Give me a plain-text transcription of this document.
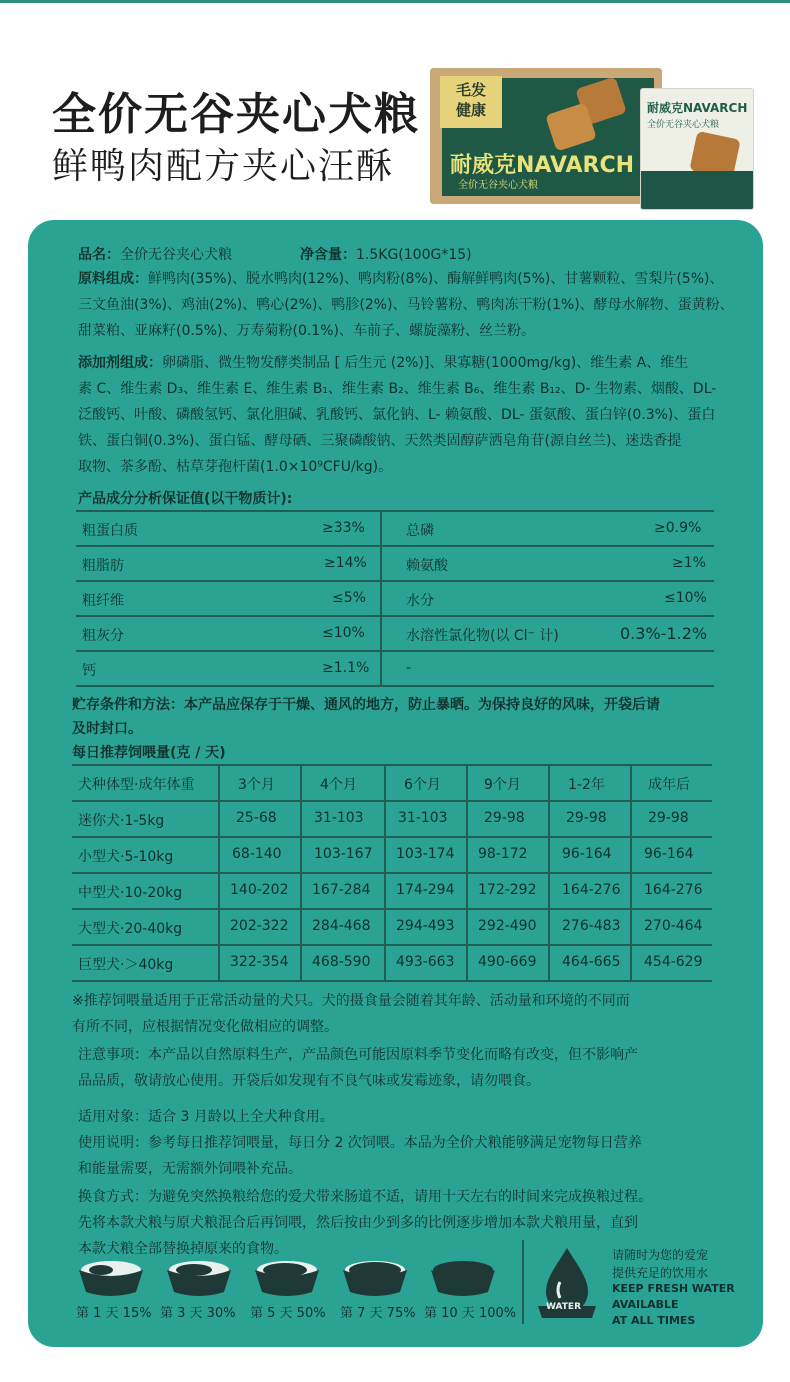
全价无谷夹心犬粮
鲜鸭肉配方夹心汪酥
毛发
健康
耐威克NAVARCH
全价无谷夹心犬粮
耐威克NAVARCH
全价无谷夹心犬粮
品名：全价无谷夹心犬粮	净含量：1.5KG(100G*15)
原料组成：鲜鸭肉(35%)、脱水鸭肉(12%)、鸭肉粉(8%)、酶解鲜鸭肉(5%)、甘薯颗粒、雪梨片(5%)、
三文鱼油(3%)、鸡油(2%)、鸭心(2%)、鸭胗(2%)、马铃薯粉、鸭肉冻干粉(1%)、酵母水解物、蛋黄粉、
甜菜粕、亚麻籽(0.5%)、万寿菊粉(0.1%)、车前子、螺旋藻粉、丝兰粉。
添加剂组成：卵磷脂、微生物发酵类制品 [ 后生元 (2%)]、果寡糖(1000mg/kg)、维生素 A、维生
素 C、维生素 D₃、维生素 E、维生素 B₁、维生素 B₂、维生素 B₆、维生素 B₁₂、D- 生物素、烟酸、DL-
泛酸钙、叶酸、磷酸氢钙、氯化胆碱、乳酸钙、氯化钠、L- 赖氨酸、DL- 蛋氨酸、蛋白锌(0.3%)、蛋白
铁、蛋白铜(0.3%)、蛋白锰、酵母硒、三聚磷酸钠、天然类固醇萨洒皂角苷(源自丝兰)、迷迭香提
取物、茶多酚、枯草芽孢杆菌(1.0×10⁹CFU/kg)。
产品成分分析保证值(以干物质计):
粗蛋白质	≥33%	总磷	≥0.9%
粗脂肪	≥14%	赖氨酸	≥1%
粗纤维	≤5%	水分	≤10%
粗灰分	≤10%	水溶性氯化物(以 Cl⁻ 计)	0.3%-1.2%
钙	≥1.1%	-
贮存条件和方法：本产品应保存于干燥、通风的地方，防止暴晒。为保持良好的风味，开袋后请
及时封口。
每日推荐饲喂量(克 / 天)
犬种体型·成年体重	3个月	4个月	6个月	9个月	1-2年	成年后
迷你犬·1-5kg	25-68	31-103 31-103	29-98	29-98	29-98
小型犬·5-10kg	68-140 103-167 103-174 98-172 96-164 96-164
中型犬·10-20kg	140-202 167-284 174-294 172-292 164-276 164-276
大型犬·20-40kg	202-322 284-468 294-493 292-490 276-483 270-464
巨型犬·＞40kg	322-354 468-590 493-663 490-669 464-665 454-629
※推荐饲喂量适用于正常活动量的犬只。犬的摄食量会随着其年龄、活动量和环境的不同而
有所不同，应根据情况变化做相应的调整。
注意事项：本产品以自然原料生产，产品颜色可能因原料季节变化而略有改变，但不影响产
品品质，敬请放心使用。开袋后如发现有不良气味或发霉迹象，请勿喂食。
适用对象：适合 3 月龄以上全犬种食用。
使用说明：参考每日推荐饲喂量，每日分 2 次饲喂。本品为全价犬粮能够满足宠物每日营养
和能量需要，无需额外饲喂补充品。
换食方式：为避免突然换粮给您的爱犬带来肠道不适，请用十天左右的时间来完成换粮过程。
先将本款犬粮与原犬粮混合后再饲喂，然后按由少到多的比例逐步增加本款犬粮用量，直到
本款犬粮全部替换掉原来的食物。
第 1 天 15% 第 3 天 30% 第 5 天 50% 第 7 天 75% 第 10 天 100%	WATER
请随时为您的爱宠
提供充足的饮用水
KEEP FRESH WATER
AVAILABLE
AT ALL TIMES
